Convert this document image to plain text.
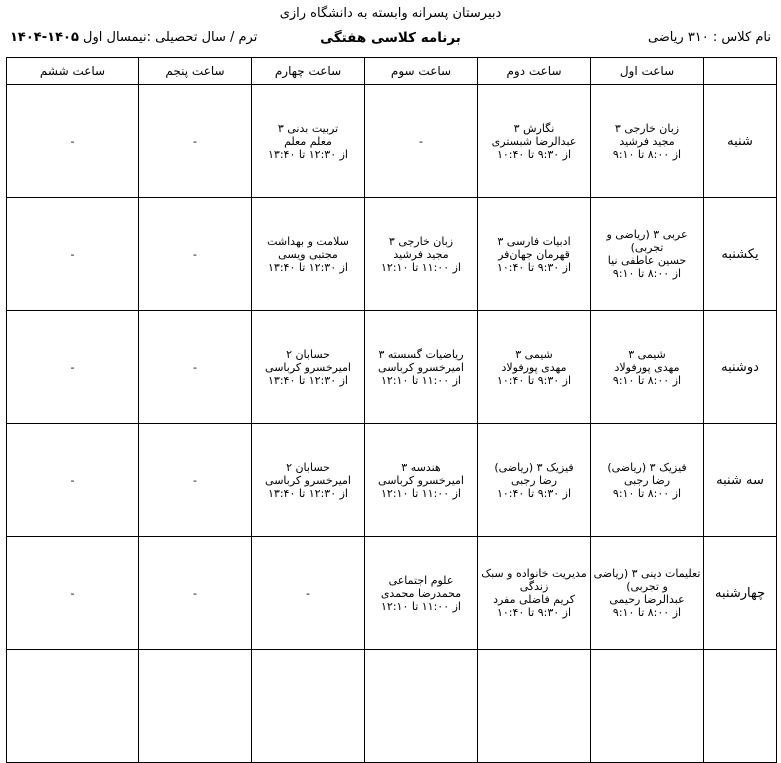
دبیرستان پسرانه وابسته به دانشگاه رازی
نام کلاس : ۳۱۰ ریاضی
برنامه کلاسی هفتگی
ترم / سال تحصیلی :نیمسال اول ۱۴۰۵-۱۴۰۴
	ساعت اول	ساعت دوم	ساعت سوم	ساعت چهارم	ساعت پنجم	ساعت ششم
شنبه	زبان خارجی ۳
مجید فرشید
از ۸:۰۰ تا ۹:۱۰	نگارش ۳
عبدالرضا شبستری
از ۹:۳۰ تا ۱۰:۴۰	-	تربیت بدنی ۳
معلم معلم
از ۱۲:۳۰ تا ۱۳:۴۰	-	-

یکشنبه	عربی ۳ (ریاضی و تجربی)
حسین عاطفی نیا
از ۸:۰۰ تا ۹:۱۰	ادبیات فارسی ۳
قهرمان جهان‌فر
از ۹:۳۰ تا ۱۰:۴۰	زبان خارجی ۳
مجید فرشید
از ۱۱:۰۰ تا ۱۲:۱۰	سلامت و بهداشت
مجتبی ویسی
از ۱۲:۳۰ تا ۱۳:۴۰	-	-

دوشنبه	شیمی ۳
مهدی پورفولاد
از ۸:۰۰ تا ۹:۱۰	شیمی ۳
مهدی پورفولاد
از ۹:۳۰ تا ۱۰:۴۰	ریاضیات گسسته ۳
امیرخسرو کرباسی
از ۱۱:۰۰ تا ۱۲:۱۰	حسابان ۲
امیرخسرو کرباسی
از ۱۲:۳۰ تا ۱۳:۴۰	-	-

سه شنبه	فیزیک ۳ (ریاضی)
رضا رجبی
از ۸:۰۰ تا ۹:۱۰	فیزیک ۳ (ریاضی)
رضا رجبی
از ۹:۳۰ تا ۱۰:۴۰	هندسه ۳
امیرخسرو کرباسی
از ۱۱:۰۰ تا ۱۲:۱۰	حسابان ۲
امیرخسرو کرباسی
از ۱۲:۳۰ تا ۱۳:۴۰	-	-

چهارشنبه	تعلیمات دینی ۳ (ریاضی و تجربی)
عبدالرضا رحیمی
از ۸:۰۰ تا ۹:۱۰	مدیریت خانواده و سبک زندگی
کریم فاضلی مفرد
از ۹:۳۰ تا ۱۰:۴۰	علوم اجتماعی
محمدرضا محمدی
از ۱۱:۰۰ تا ۱۲:۱۰	-	-	-
